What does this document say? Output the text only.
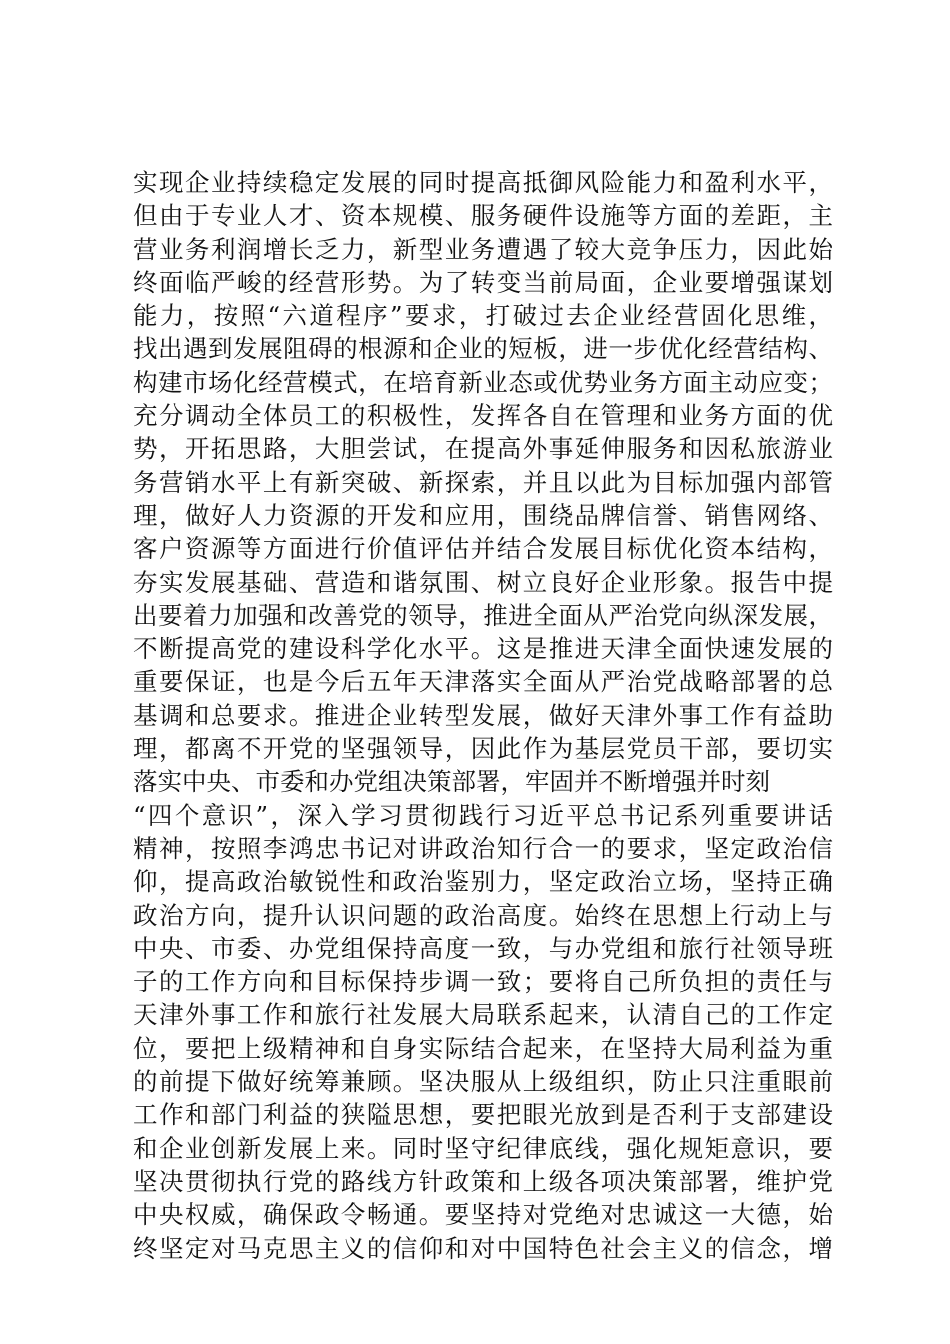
实现企业持续稳定发展的同时提高抵御风险能力和盈利水平，
但由于专业人才、资本规模、服务硬件设施等方面的差距，主
营业务利润增长乏力，新型业务遭遇了较大竞争压力，因此始
终面临严峻的经营形势。为了转变当前局面，企业要增强谋划
能力，按照“六道程序”要求，打破过去企业经营固化思维，
找出遇到发展阻碍的根源和企业的短板，进一步优化经营结构、
构建市场化经营模式，在培育新业态或优势业务方面主动应变；
充分调动全体员工的积极性，发挥各自在管理和业务方面的优
势，开拓思路，大胆尝试，在提高外事延伸服务和因私旅游业
务营销水平上有新突破、新探索，并且以此为目标加强内部管
理，做好人力资源的开发和应用，围绕品牌信誉、销售网络、
客户资源等方面进行价值评估并结合发展目标优化资本结构，
夯实发展基础、营造和谐氛围、树立良好企业形象。报告中提
出要着力加强和改善党的领导，推进全面从严治党向纵深发展，
不断提高党的建设科学化水平。这是推进天津全面快速发展的
重要保证，也是今后五年天津落实全面从严治党战略部署的总
基调和总要求。推进企业转型发展，做好天津外事工作有益助
理，都离不开党的坚强领导，因此作为基层党员干部，要切实
落实中央、市委和办党组决策部署，牢固并不断增强并时刻
“四个意识”，深入学习贯彻践行习近平总书记系列重要讲话
精神，按照李鸿忠书记对讲政治知行合一的要求，坚定政治信
仰，提高政治敏锐性和政治鉴别力，坚定政治立场，坚持正确
政治方向，提升认识问题的政治高度。始终在思想上行动上与
中央、市委、办党组保持高度一致，与办党组和旅行社领导班
子的工作方向和目标保持步调一致；要将自己所负担的责任与
天津外事工作和旅行社发展大局联系起来，认清自己的工作定
位，要把上级精神和自身实际结合起来，在坚持大局利益为重
的前提下做好统筹兼顾。坚决服从上级组织，防止只注重眼前
工作和部门利益的狭隘思想，要把眼光放到是否利于支部建设
和企业创新发展上来。同时坚守纪律底线，强化规矩意识，要
坚决贯彻执行党的路线方针政策和上级各项决策部署，维护党
中央权威，确保政令畅通。要坚持对党绝对忠诚这一大德，始
终坚定对马克思主义的信仰和对中国特色社会主义的信念，增
